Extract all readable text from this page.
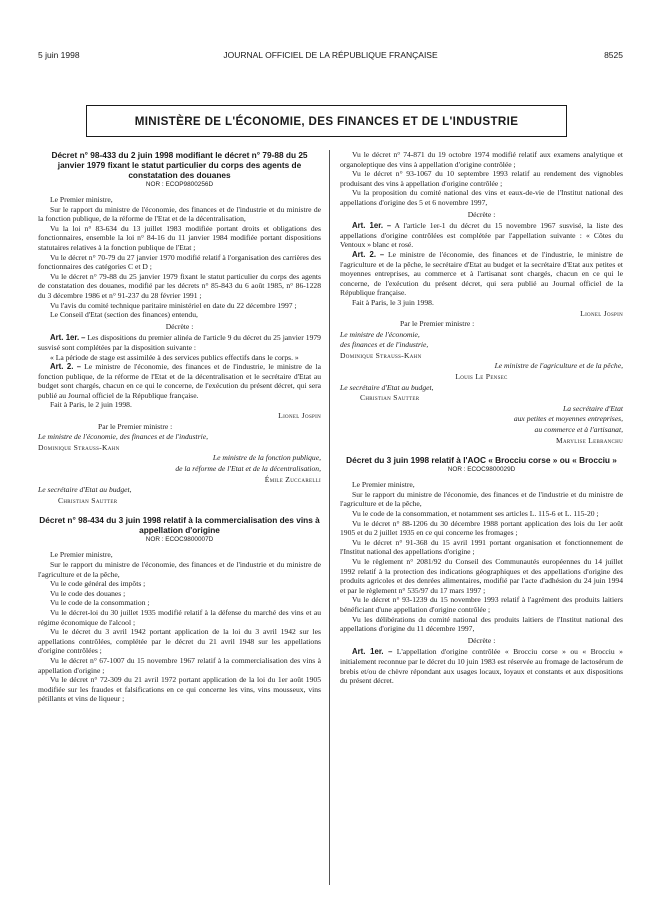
5 juin 1998	JOURNAL OFFICIEL DE LA RÉPUBLIQUE FRANÇAISE	8525
MINISTÈRE DE L'ÉCONOMIE, DES FINANCES ET DE L'INDUSTRIE
Décret n° 98-433 du 2 juin 1998 modifiant le décret n° 79-88 du 25 janvier 1979 fixant le statut particulier du corps des agents de constatation des douanes
NOR : ECOP9800256D

Le Premier ministre,

Sur le rapport du ministre de l'économie, des finances et de l'industrie et du ministre de la fonction publique, de la réforme de l'Etat et de la décentralisation,

Vu la loi n° 83-634 du 13 juillet 1983 modifiée portant droits et obligations des fonctionnaires, ensemble la loi n° 84-16 du 11 janvier 1984 modifiée portant dispositions statutaires relatives à la fonction publique de l'Etat ;

Vu le décret n° 70-79 du 27 janvier 1970 modifié relatif à l'organisation des carrières des fonctionnaires des catégories C et D ;

Vu le décret n° 79-88 du 25 janvier 1979 fixant le statut particulier du corps des agents de constatation des douanes, modifié par les décrets n° 85-843 du 6 août 1985, n° 86-1228 du 3 décembre 1986 et n° 91-237 du 28 février 1991 ;

Vu l'avis du comité technique paritaire ministériel en date du 22 décembre 1997 ;

Le Conseil d'Etat (section des finances) entendu,

Décrète :

Art. 1er. – Les dispositions du premier alinéa de l'article 9 du décret du 25 janvier 1979 susvisé sont complétées par la disposition suivante :

« La période de stage est assimilée à des services publics effectifs dans le corps. »

Art. 2. – Le ministre de l'économie, des finances et de l'industrie, le ministre de la fonction publique, de la réforme de l'Etat et de la décentralisation et le secrétaire d'Etat au budget sont chargés, chacun en ce qui le concerne, de l'exécution du présent décret, qui sera publié au Journal officiel de la République française.

Fait à Paris, le 2 juin 1998.

Lionel Jospin
Par le Premier ministre :
Le ministre de l'économie, des finances et de l'industrie,
Dominique Strauss-Kahn
Le ministre de la fonction publique,
de la réforme de l'Etat et de la décentralisation,
Émile Zuccarelli
Le secrétaire d'Etat au budget,
Christian Sautter
Décret n° 98-434 du 3 juin 1998 relatif à la commercialisation des vins à appellation d'origine
NOR : ECOC9800007D

Le Premier ministre,

Sur le rapport du ministre de l'économie, des finances et de l'industrie et du ministre de l'agriculture et de la pêche,

Vu le code général des impôts ;

Vu le code des douanes ;

Vu le code de la consommation ;

Vu le décret-loi du 30 juillet 1935 modifié relatif à la défense du marché des vins et au régime économique de l'alcool ;

Vu le décret du 3 avril 1942 portant application de la loi du 3 avril 1942 sur les appellations contrôlées, complétée par le décret du 21 avril 1948 sur les appellations d'origine contrôlées ;

Vu le décret n° 67-1007 du 15 novembre 1967 relatif à la commercialisation des vins à appellation d'origine ;

Vu le décret n° 72-309 du 21 avril 1972 portant application de la loi du 1er août 1905 modifiée sur les fraudes et falsifications en ce qui concerne les vins, vins mousseux, vins pétillants et vins de liqueur ;

Vu le décret n° 74-871 du 19 octobre 1974 modifié relatif aux examens analytique et organoleptique des vins à appellation d'origine contrôlée ;

Vu le décret n° 93-1067 du 10 septembre 1993 relatif au rendement des vignobles produisant des vins à appellation d'origine contrôlée ;

Vu la proposition du comité national des vins et eaux-de-vie de l'Institut national des appellations d'origine des 5 et 6 novembre 1997,

Décrète :

Art. 1er. – A l'article 1er-1 du décret du 15 novembre 1967 susvisé, la liste des appellations d'origine contrôlées est complétée par l'appellation suivante : « Côtes du Ventoux » blanc et rosé.

Art. 2. – Le ministre de l'économie, des finances et de l'industrie, le ministre de l'agriculture et de la pêche, le secrétaire d'Etat au budget et la secrétaire d'Etat aux petites et moyennes entreprises, au commerce et à l'artisanat sont chargés, chacun en ce qui le concerne, de l'exécution du présent décret, qui sera publié au Journal officiel de la République française.

Fait à Paris, le 3 juin 1998.

Lionel Jospin
Par le Premier ministre :
Le ministre de l'économie,
des finances et de l'industrie,
Dominique Strauss-Kahn
Le ministre de l'agriculture et de la pêche,
Louis Le Pensec
Le secrétaire d'Etat au budget,
Christian Sautter
La secrétaire d'Etat
aux petites et moyennes entreprises,
au commerce et à l'artisanat,
Marylise Lebranchu
Décret du 3 juin 1998 relatif à l'AOC « Brocciu corse » ou « Brocciu »
NOR : ECOC9800029D

Le Premier ministre,

Sur le rapport du ministre de l'économie, des finances et de l'industrie et du ministre de l'agriculture et de la pêche,

Vu le code de la consommation, et notamment ses articles L. 115-6 et L. 115-20 ;

Vu le décret n° 88-1206 du 30 décembre 1988 portant application des lois du 1er août 1905 et du 2 juillet 1935 en ce qui concerne les fromages ;

Vu le décret n° 91-368 du 15 avril 1991 portant organisation et fonctionnement de l'Institut national des appellations d'origine ;

Vu le règlement n° 2081/92 du Conseil des Communautés européennes du 14 juillet 1992 relatif à la protection des indications géographiques et des appellations d'origine des produits agricoles et des denrées alimentaires, modifié par l'acte d'adhésion du 24 juin 1994 et par le règlement n° 535/97 du 17 mars 1997 ;

Vu le décret n° 93-1239 du 15 novembre 1993 relatif à l'agrément des produits laitiers bénéficiant d'une appellation d'origine contrôlée ;

Vu les délibérations du comité national des produits laitiers de l'Institut national des appellations d'origine du 11 décembre 1997,

Décrète :

Art. 1er. – L'appellation d'origine contrôlée « Brocciu corse » ou « Brocciu » initialement reconnue par le décret du 10 juin 1983 est réservée au fromage de lactosérum de brebis et/ou de chèvre répondant aux usages locaux, loyaux et constants et aux dispositions du présent décret.
